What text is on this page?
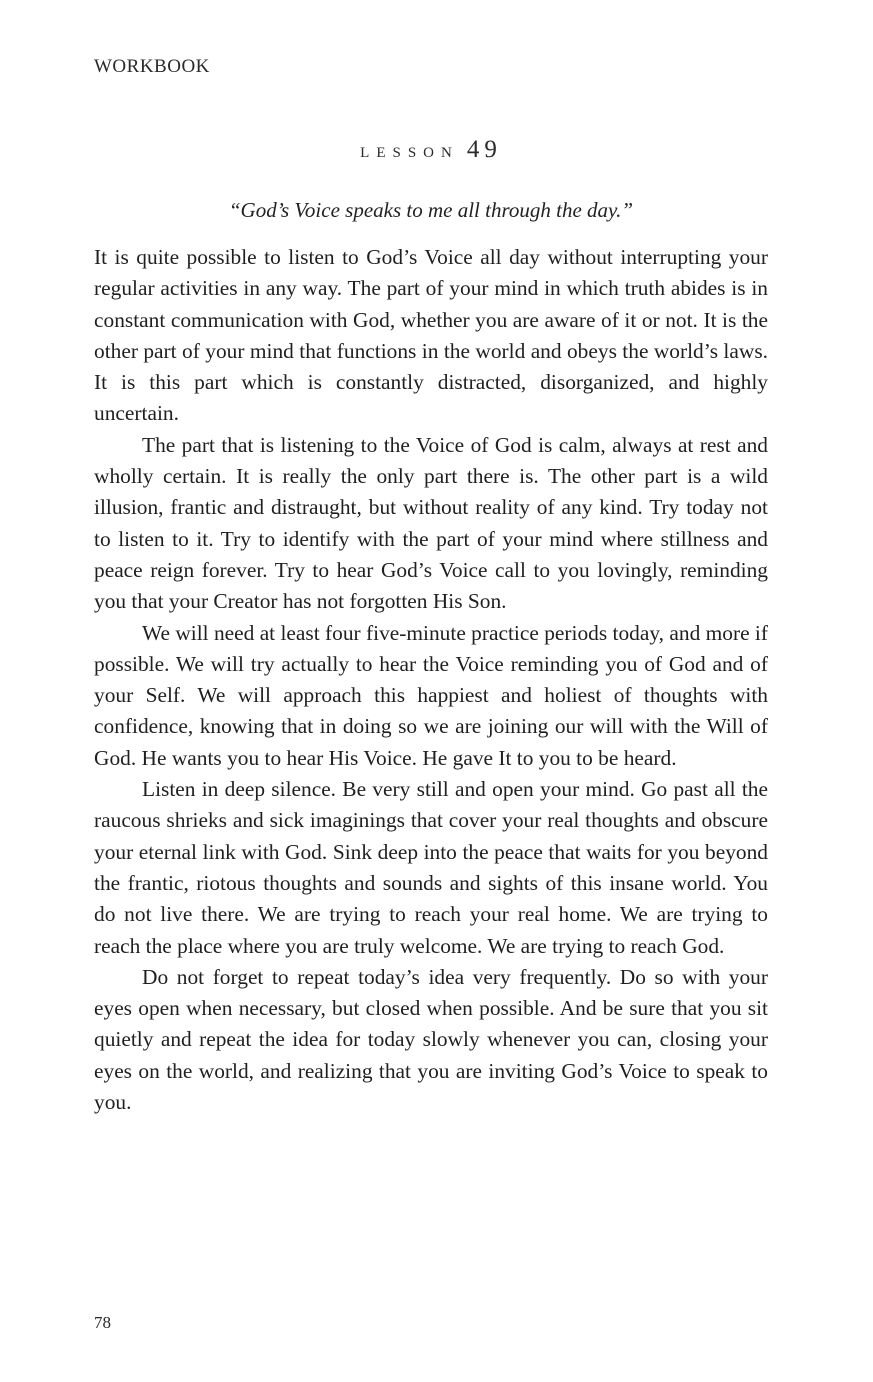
WORKBOOK
lesson 49
“God’s Voice speaks to me all through the day.”

It is quite possible to listen to God’s Voice all day without interrupting your regular activities in any way. The part of your mind in which truth abides is in constant communication with God, whether you are aware of it or not. It is the other part of your mind that functions in the world and obeys the world’s laws. It is this part which is constantly distracted, disorganized, and highly uncertain.

The part that is listening to the Voice of God is calm, always at rest and wholly certain. It is really the only part there is. The other part is a wild illusion, frantic and distraught, but without reality of any kind. Try today not to listen to it. Try to identify with the part of your mind where stillness and peace reign forever. Try to hear God’s Voice call to you lovingly, reminding you that your Creator has not forgotten His Son.

We will need at least four five-minute practice periods today, and more if possible. We will try actually to hear the Voice reminding you of God and of your Self. We will approach this happiest and holiest of thoughts with confidence, knowing that in doing so we are joining our will with the Will of God. He wants you to hear His Voice. He gave It to you to be heard.

Listen in deep silence. Be very still and open your mind. Go past all the raucous shrieks and sick imaginings that cover your real thoughts and obscure your eternal link with God. Sink deep into the peace that waits for you beyond the frantic, riotous thoughts and sounds and sights of this insane world. You do not live there. We are trying to reach your real home. We are trying to reach the place where you are truly welcome. We are trying to reach God.

Do not forget to repeat today’s idea very frequently. Do so with your eyes open when necessary, but closed when possible. And be sure that you sit quietly and repeat the idea for today slowly whenever you can, closing your eyes on the world, and realizing that you are inviting God’s Voice to speak to you.

78
